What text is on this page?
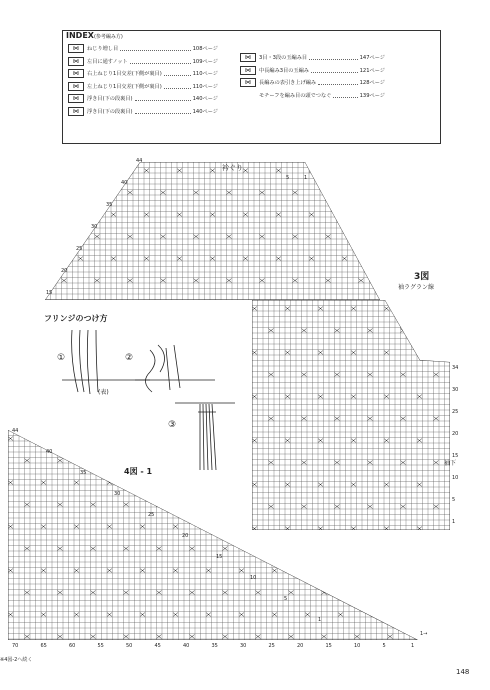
INDEX(参考編み方)
⋈	ねじり増し目	108ページ
⋈	左目に通すノット	109ページ
⋈	右上ねじり1目交差(下側が裏目)	110ページ
⋈	左上ねじり1目交差(下側が裏目)	110ページ
⋈	浮き目(下の段裏目)	140ページ
⋈	浮き目(下の段裏目)	140ページ
⋈	3目・3段の玉編み目	147ページ
⋈	中長編み3目の玉編み	121ページ
⋈	長編みの表引き上げ編み	128ページ
モチーフを編み目の頭でつなぐ	139ページ
衿ぐり
3図
袖ラグラン線
フリンジのつけ方
①	②
③
(表)
4図 - 1
袖下
※4図-2へ続く
148
1→
44
40
35
30
25
20
15
5	1
34
30
25
20
15
10
5
1
44
40
35
30
25
20
15
10
5
1
70	65	60	55	50	45	40	35	30	25	20	15	10	5	1
